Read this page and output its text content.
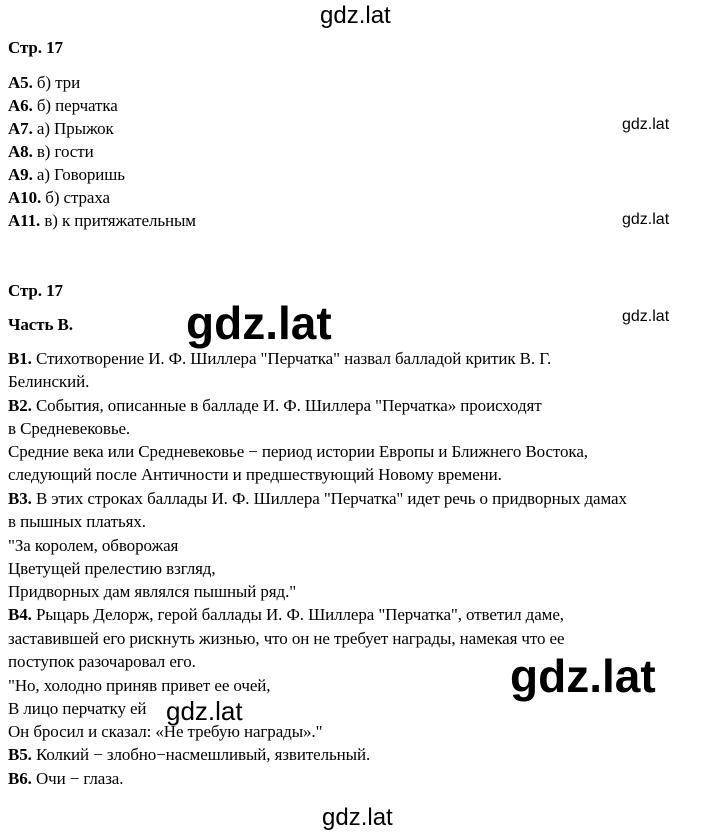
gdz.lat
gdz.lat
gdz.lat
gdz.lat
gdz.lat
gdz.lat
gdz.lat
Стр. 17
А5. б) три
А6. б) перчатка
А7. а) Прыжок
А8. в) гости
А9. а) Говоришь
А10. б) страха
А11. в) к притяжательным
Стр. 17
Часть В.
В1. Стихотворение И. Ф. Шиллера "Перчатка" назвал балладой критик В. Г.
Белинский.
В2. События, описанные в балладе И. Ф. Шиллера "Перчатка» происходят
в Средневековье.
Средние века или Средневековье − период истории Европы и Ближнего Востока,
следующий после Античности и предшествующий Новому времени.
В3. В этих строках баллады И. Ф. Шиллера "Перчатка" идет речь о придворных дамах
в пышных платьях.
"За королем, обворожая
Цветущей прелестию взгляд,
Придворных дам являлся пышный ряд."
В4. Рыцарь Делорж, герой баллады И. Ф. Шиллера "Перчатка", ответил даме,
заставившей его рискнуть жизнью, что он не требует награды, намекая что ее
поступок разочаровал его.
"Но, холодно приняв привет ее очей,
В лицо перчатку ей
Он бросил и сказал: «Не требую награды»."
В5. Колкий − злобно−насмешливый, язвительный.
В6. Очи − глаза.
gdz.lat
